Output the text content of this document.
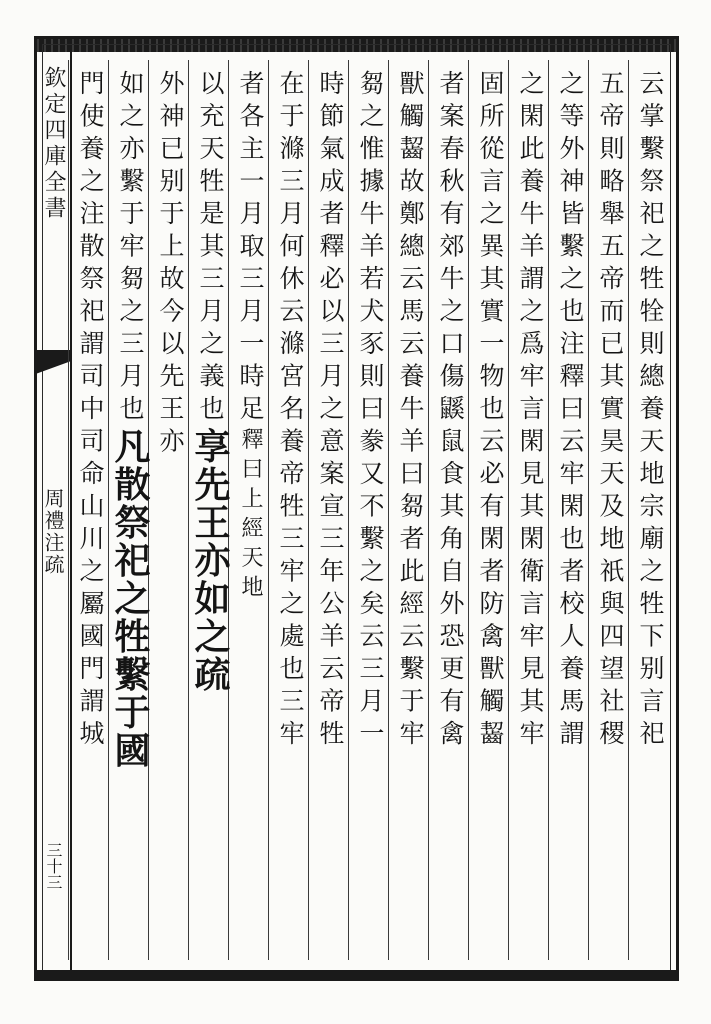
欽定四庫全書
周禮注疏
三十三
云掌繫祭祀之牲牷則總養天地宗廟之牲下别言祀
五帝則略舉五帝而已其實昊天及地祇與四望社稷
之等外神皆繫之也注釋曰云牢閑也者校人養馬謂
之閑此養牛羊謂之爲牢言閑見其閑衛言牢見其牢
固所從言之異其實一物也云必有閑者防禽獸觸齧
者案春秋有郊牛之口傷鼷鼠食其角自外恐更有禽
獸觸齧故鄭總云馬云養牛羊曰芻者此經云繫于牢
芻之惟據牛羊若犬豕則曰豢又不繫之矣云三月一
時節氣成者釋必以三月之意案宣三年公羊云帝牲
在于滌三月何休云滌宮名養帝牲三牢之處也三牢
者各主一月取三月一時足釋曰上經天地
以充天牲是其三月之義也享先王亦如之疏
外神已别于上故今以先王亦
如之亦繫于牢芻之三月也凡散祭祀之牲繫于國
門使養之注散祭祀謂司中司命山川之屬國門謂城
